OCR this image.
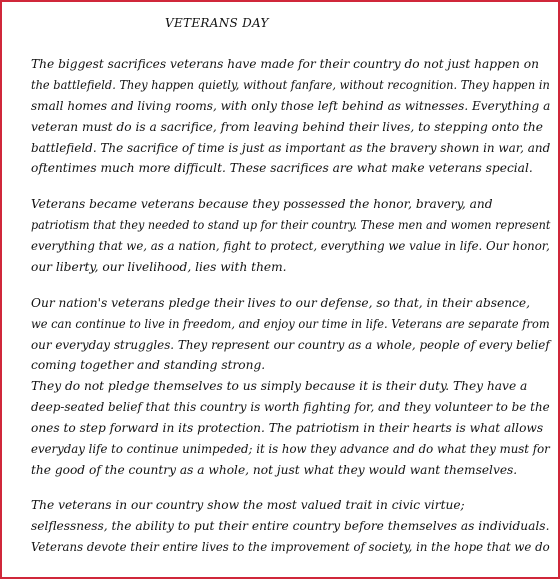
VETERANS DAY
The biggest sacrifices veterans have made for their country do not just happen on
the battlefield. They happen quietly, without fanfare, without recognition. They happen in
small homes and living rooms, with only those left behind as witnesses. Everything a
veteran must do is a sacrifice, from leaving behind their lives, to stepping onto the
battlefield. The sacrifice of time is just as important as the bravery shown in war, and
oftentimes much more difficult. These sacrifices are what make veterans special.
Veterans became veterans because they possessed the honor, bravery, and
patriotism that they needed to stand up for their country. These men and women represent
everything that we, as a nation, fight to protect, everything we value in life. Our honor,
our liberty, our livelihood, lies with them.
Our nation's veterans pledge their lives to our defense, so that, in their absence,
we can continue to live in freedom, and enjoy our time in life. Veterans are separate from
our everyday struggles. They represent our country as a whole, people of every belief
coming together and standing strong.
They do not pledge themselves to us simply because it is their duty. They have a
deep-seated belief that this country is worth fighting for, and they volunteer to be the
ones to step forward in its protection. The patriotism in their hearts is what allows
everyday life to continue unimpeded; it is how they advance and do what they must for
the good of the country as a whole, not just what they would want themselves.
The veterans in our country show the most valued trait in civic virtue;
selflessness, the ability to put their entire country before themselves as individuals.
Veterans devote their entire lives to the improvement of society, in the hope that we do
